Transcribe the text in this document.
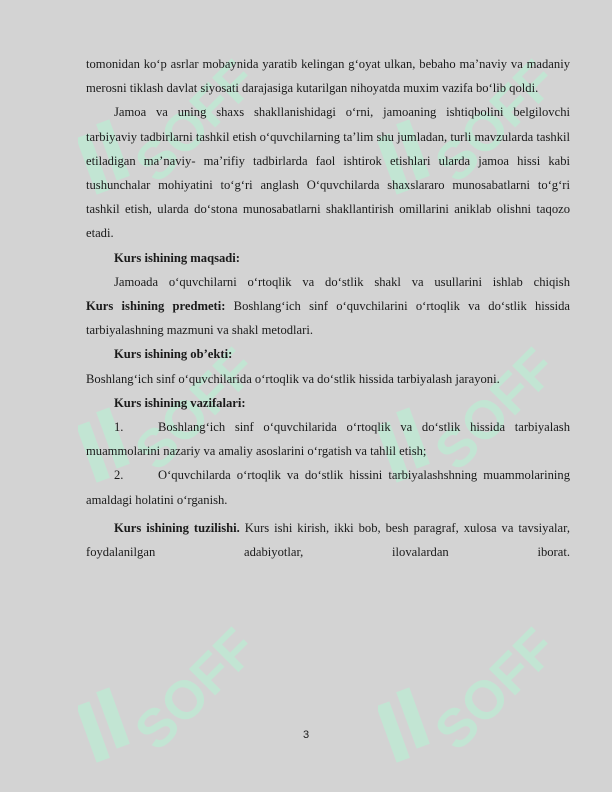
SOFF	SOFF
SOFF	SOFF
SOFF	SOFF

tomonidan ko‘p asrlar mobaynida yaratib kelingan g‘oyat ulkan, bebaho ma’naviy va madaniy merosni tiklash davlat siyosati darajasiga kutarilgan nihoyatda muxim vazifa bo‘lib qoldi.

Jamoa va uning shaxs shakllanishidagi o‘rni, jamoaning ishtiqbolini belgilovchi tarbiyaviy tadbirlarni tashkil etish o‘quvchilarning ta’lim shu jumladan, turli mavzularda tashkil etiladigan ma’naviy- ma’rifiy tadbirlarda faol ishtirok etishlari ularda jamoa hissi kabi tushunchalar mohiyatini to‘g‘ri anglash O‘quvchilarda shaxslararo munosabatlarni to‘g‘ri tashkil etish, ularda do‘stona munosabatlarni shakllantirish omillarini aniklab olishni taqozo etadi.

Kurs ishining maqsadi:

Jamoada o‘quvchilarni o‘rtoqlik va do‘stlik shakl va usullarini ishlab chiqish

Kurs ishining predmeti: Boshlang‘ich sinf o‘quvchilarini o‘rtoqlik va do‘stlik hissida tarbiyalashning mazmuni va shakl metodlari.

Kurs ishining ob’ekti:

Boshlang‘ich sinf o‘quvchilarida o‘rtoqlik va do‘stlik hissida tarbiyalash jarayoni.

Kurs ishining vazifalari:

1.	Boshlang‘ich sinf o‘quvchilarida o‘rtoqlik va do‘stlik hissida tarbiyalash muammolarini nazariy va amaliy asoslarini o‘rgatish va tahlil etish;

2.	O‘quvchilarda o‘rtoqlik va do‘stlik hissini tarbiyalashshning muammolarining amaldagi holatini o‘rganish.

Kurs ishining tuzilishi. Kurs ishi kirish, ikki bob, besh paragraf, xulosa va tavsiyalar, foydalanilgan adabiyotlar, ilovalardan iborat.

3
